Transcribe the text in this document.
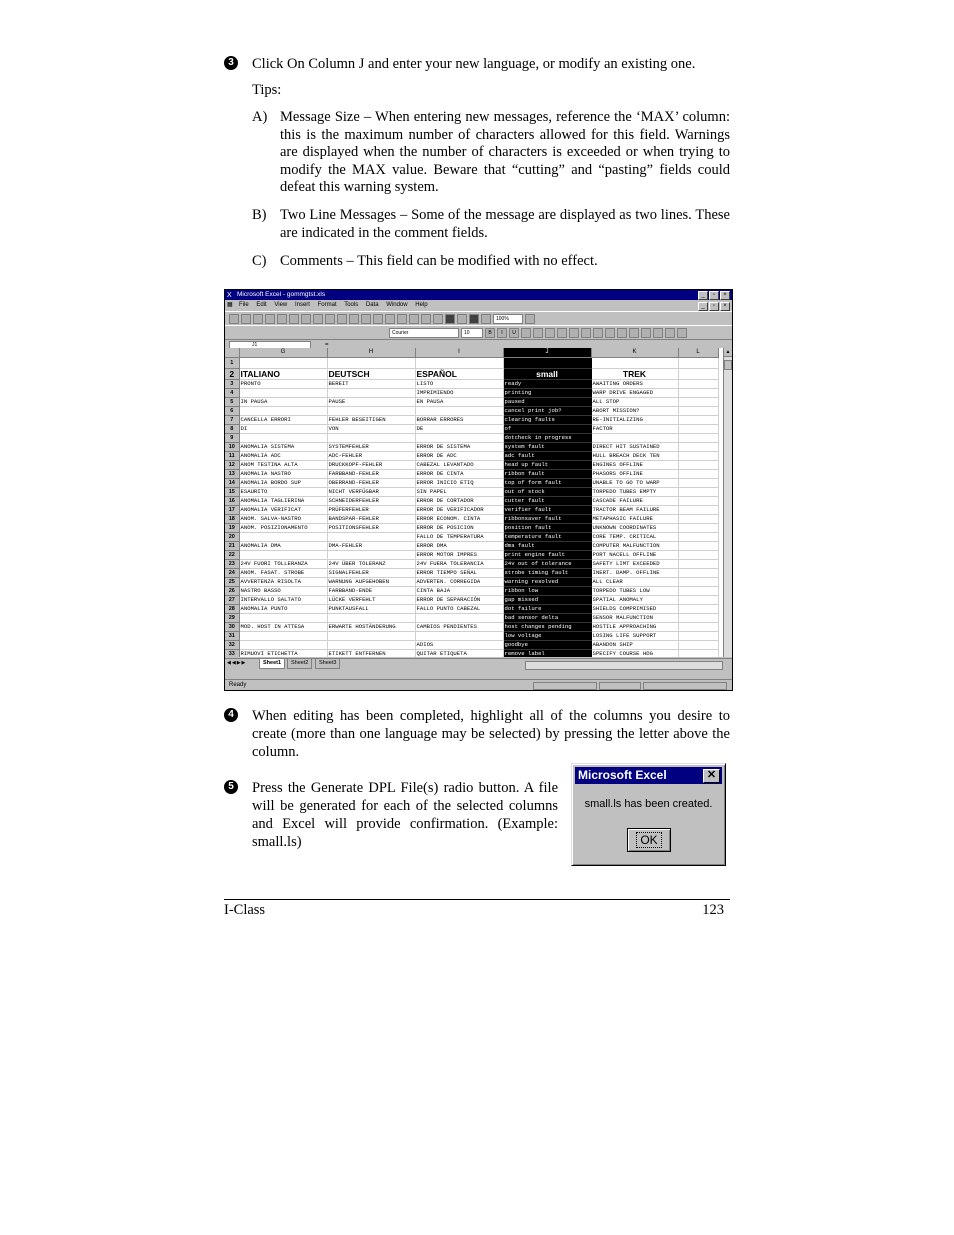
3 Click On Column J and enter your new language, or modify an existing one.
Tips:
A) Message Size – When entering new messages, reference the ‘MAX’ column: this is the maximum number of characters allowed for this field. Warnings are displayed when the number of characters is exceeded or when trying to modify the MAX value. Beware that “cutting” and “pasting” fields could defeat this warning system.
B) Two Line Messages – Some of the message are displayed as two lines. These are indicated in the comment fields.
C) Comments – This field can be modified with no effect.
X Microsoft Excel - gommgtst.xls	_	▫	×
▦ File Edit View Insert Format Tools Data Window Help	_	▫	×
100%
Courier	10	B	I	U
J1	=
	G	H	I	J	K	L
1						
2	ITALIANO	DEUTSCH	ESPAÑOL	small	TREK	
3	PRONTO	BEREIT	LISTO	ready	AWAITING ORDERS	
4			IMPRIMIENDO	printing	WARP DRIVE ENGAGED	
5	IN PAUSA	PAUSE	EN PAUSA	paused	ALL STOP	
6				cancel print job?	ABORT MISSION?	
7	CANCELLA ERRORI	FEHLER BESEITIGEN	BORRAR ERRORES	clearing faults	RE-INITIALIZING	
8	DI	VON	DE	of	FACTOR	
9				dotcheck in progress		
10	ANOMALIA SISTEMA	SYSTEMFEHLER	ERROR DE SISTEMA	system fault	DIRECT HIT SUSTAINED	
11	ANOMALIA ADC	ADC-FEHLER	ERROR DE ADC	adc fault	HULL BREACH DECK TEN	
12	ANOM TESTINA ALTA	DRUCKKOPF-FEHLER	CABEZAL LEVANTADO	head up fault	ENGINES OFFLINE	
13	ANOMALIA NASTRO	FARBBAND-FEHLER	ERROR DE CINTA	ribbon fault	PHASORS OFFLINE	
14	ANOMALIA BORDO SUP	OBERRAND-FEHLER	ERROR INICIO ETIQ	top of form fault	UNABLE TO GO TO WARP	
15	ESAURITO	NICHT VERFÜGBAR	SIN PAPEL	out of stock	TORPEDO TUBES EMPTY	
16	ANOMALIA TAGLIERINA	SCHNEIDERFEHLER	ERROR DE CORTADOR	cutter fault	CASCADE FAILURE	
17	ANOMALIA VERIFICAT	PRÜFERFEHLER	ERROR DE VERIFICADOR	verifier fault	TRACTOR BEAM FAILURE	
18	ANOM. SALVA-NASTRO	BANDSPAR-FEHLER	ERROR ECONOM. CINTA	ribbonsaver fault	METAPHASIC FAILURE	
19	ANOM. POSIZIONAMENTO	POSITIONSFEHLER	ERROR DE POSICION	position fault	UNKNOWN COORDINATES	
20			FALLO DE TEMPERATURA	temperature fault	CORE TEMP. CRITICAL	
21	ANOMALIA DMA	DMA-FEHLER	ERROR DMA	dma fault	COMPUTER MALFUNCTION	
22			ERROR MOTOR IMPRES	print engine fault	PORT NACELL OFFLINE	
23	24V FUORI TOLLERANZA	24V ÜBER TOLERANZ	24V FUERA TOLERANCIA	24v out of tolerance	SAFETY LIMT EXCEEDED	
24	ANOM. FASAT. STROBE	SIGNALFEHLER	ERROR TIEMPO SEÑAL	strobe timing fault	INERT. DAMP. OFFLINE	
25	AVVERTENZA RISOLTA	WARNUNG AUFGEHOBEN	ADVERTEN. CORREGIDA	warning resolved	ALL CLEAR	
26	NASTRO BASSO	FARBBAND-ENDE	CINTA BAJA	ribbon low	TORPEDO TUBES LOW	
27	INTERVALLO SALTATO	LÜCKE VERFEHLT	ERROR DE SEPARACIÓN	gap missed	SPATIAL ANOMALY	
28	ANOMALIA PUNTO	PUNKTAUSFALL	FALLO PUNTO CABEZAL	dot failure	SHIELDS COMPRIMISED	
29				bad sensor delta	SENSOR MALFUNCTION	
30	MOD. HOST IN ATTESA	ERWARTE HOSTÄNDERUNG	CAMBIOS PENDIENTES	host changes pending	HOSTILE APPROACHING	
31				low voltage	LOSING LIFE SUPPORT	
32			ADIOS	goodbye	ABANDON SHIP	
33	RIMUOVI ETICHETTA	ETIKETT ENTFERNEN	QUITAR ETIQUETA	remove label	SPECIFY COURSE HDG	

▲
◀◀▶▶	Sheet1	Sheet2	Sheet3
Ready
4 When editing has been completed, highlight all of the columns you desire to create (more than one language may be selected) by pressing the letter above the column.
5 Press the Generate DPL File(s) radio button. A file will be generated for each of the selected columns and Excel will provide confirmation. (Example: small.ls)
Microsoft Excel	✕
small.ls has been created.
OK
I-Class	123
